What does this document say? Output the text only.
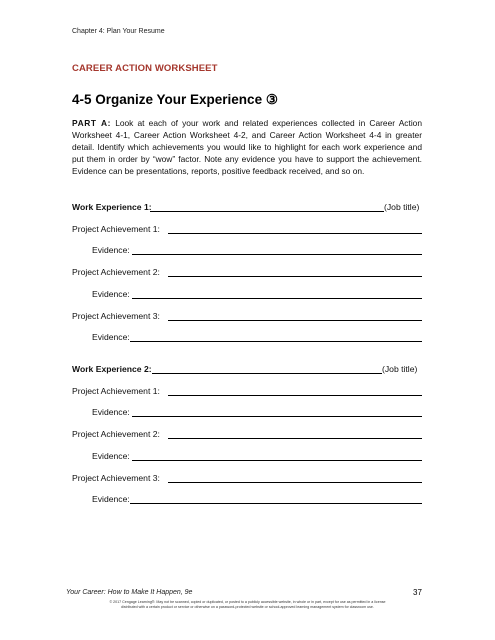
Chapter 4: Plan Your Resume
CAREER ACTION WORKSHEET
4-5 Organize Your Experience ③
PART A: Look at each of your work and related experiences collected in Career Action Worksheet 4-1, Career Action Worksheet 4-2, and Career Action Worksheet 4-4 in greater detail. Identify which achievements you would like to highlight for each work experience and put them in order by “wow” factor. Note any evidence you have to support the achievement. Evidence can be presentations, reports, positive feedback received, and so on.
Work Experience 1:	(Job title)
Project Achievement 1:
Evidence:
Project Achievement 2:
Evidence:
Project Achievement 3:
Evidence:
Work Experience 2:	(Job title)
Project Achievement 1:
Evidence:
Project Achievement 2:
Evidence:
Project Achievement 3:
Evidence:
Your Career: How to Make It Happen, 9e	37
© 2017 Cengage Learning®. May not be scanned, copied or duplicated, or posted to a publicly accessible website, in whole or in part, except for use as permitted in a license
distributed with a certain product or service or otherwise on a password-protected website or school-approved learning management system for classroom use.
